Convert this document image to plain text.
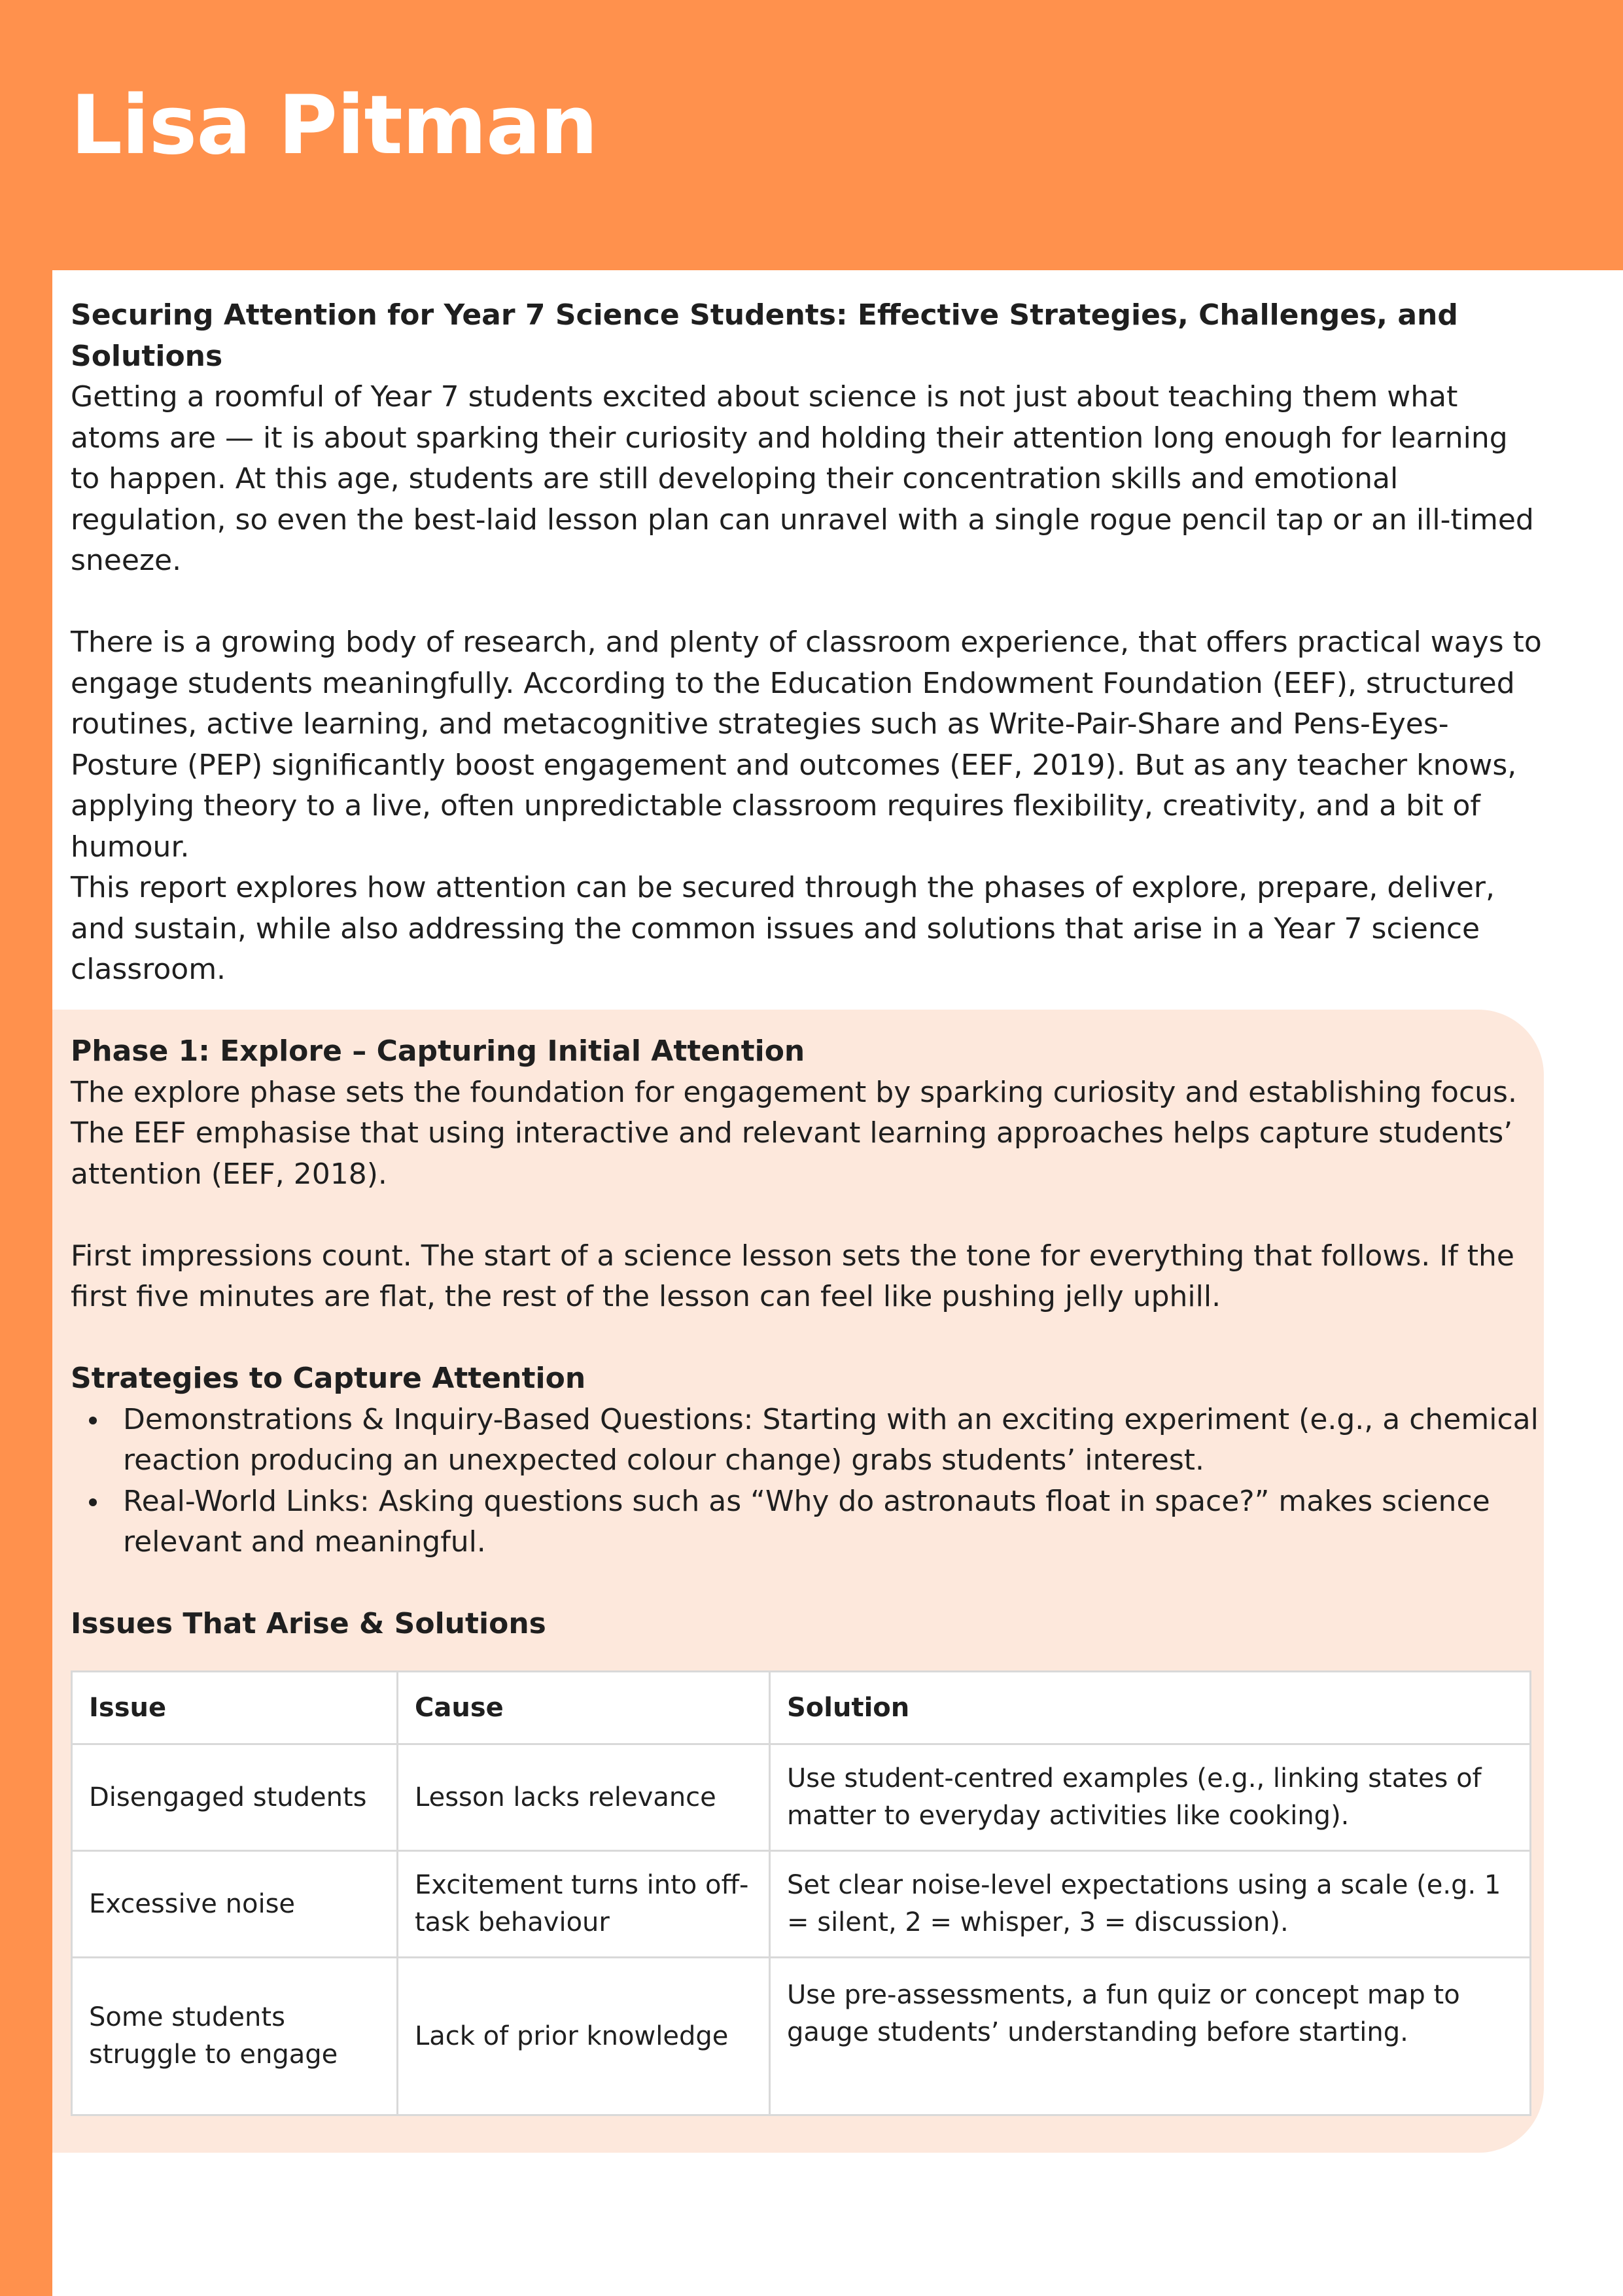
Lisa Pitman

Securing Attention for Year 7 Science Students: Effective Strategies, Challenges, and Solutions

Getting a roomful of Year 7 students excited about science is not just about teaching them what atoms are — it is about sparking their curiosity and holding their attention long enough for learning to happen. At this age, students are still developing their concentration skills and emotional regulation, so even the best-laid lesson plan can unravel with a single rogue pencil tap or an ill-timed sneeze.

There is a growing body of research, and plenty of classroom experience, that offers practical ways to engage students meaningfully. According to the Education Endowment Foundation (EEF), structured routines, active learning, and metacognitive strategies such as Write-Pair-Share and Pens-Eyes-Posture (PEP) significantly boost engagement and outcomes (EEF, 2019). But as any teacher knows, applying theory to a live, often unpredictable classroom requires flexibility, creativity, and a bit of humour.

This report explores how attention can be secured through the phases of explore, prepare, deliver, and sustain, while also addressing the common issues and solutions that arise in a Year 7 science classroom.

Phase 1: Explore – Capturing Initial Attention

The explore phase sets the foundation for engagement by sparking curiosity and establishing focus. The EEF emphasise that using interactive and relevant learning approaches helps capture students’ attention (EEF, 2018).

First impressions count. The start of a science lesson sets the tone for everything that follows. If the first five minutes are flat, the rest of the lesson can feel like pushing jelly uphill.

Strategies to Capture Attention

Demonstrations & Inquiry-Based Questions: Starting with an exciting experiment (e.g., a chemical reaction producing an unexpected colour change) grabs students’ interest.
Real-World Links: Asking questions such as “Why do astronauts float in space?” makes science relevant and meaningful.

Issues That Arise & Solutions

Issue	Cause	Solution
Disengaged students	Lesson lacks relevance	Use student-centred examples (e.g., linking states of matter to everyday activities like cooking).
Excessive noise	Excitement turns into off-task behaviour	Set clear noise-level expectations using a scale (e.g. 1 = silent, 2 = whisper, 3 = discussion).
Some students struggle to engage	Lack of prior knowledge	Use pre-assessments, a fun quiz or concept map to gauge students’ understanding before starting.
